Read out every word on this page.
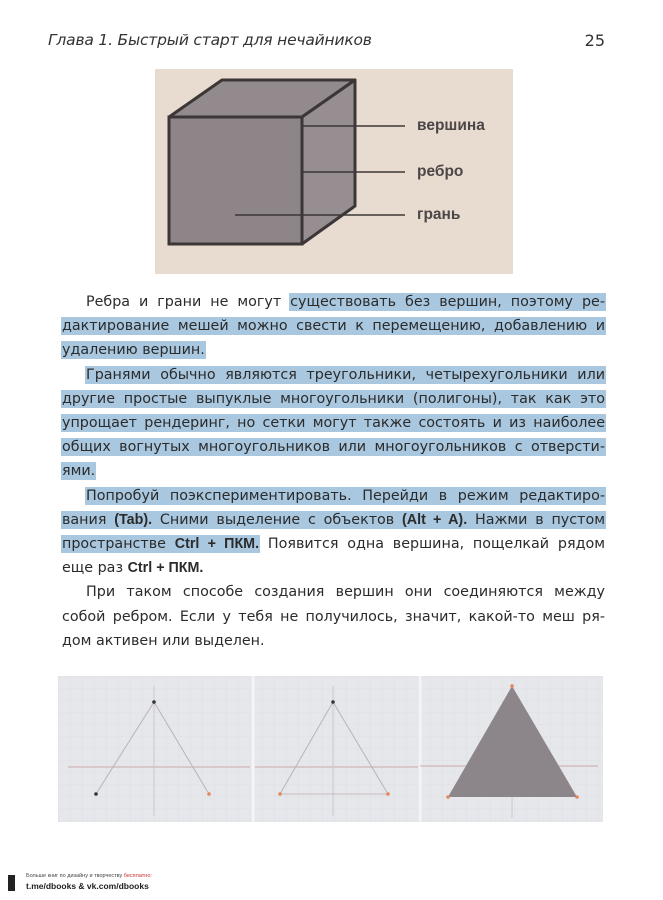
Глава 1. Быстрый старт для нечайников	25
вершина
ребро
грань
Ребра и грани не могут существовать без вершин, поэтому ре-
дактирование мешей можно свести к перемещению, добавлению и
удалению вершин.
Гранями обычно являются треугольники, четырехугольники или
другие простые выпуклые многоугольники (полигоны), так как это
упрощает рендеринг, но сетки могут также состоять и из наиболее
общих вогнутых многоугольников или многоугольников с отверсти-
ями.
Попробуй поэкспериментировать. Перейди в режим редактиро-
вания (Tab). Сними выделение с объектов (Alt + A). Нажми в пустом
пространстве Ctrl + ПКМ. Появится одна вершина, пощелкай рядом
еще раз Ctrl + ПКМ.
При таком способе создания вершин они соединяются между
собой ребром. Если у тебя не получилось, значит, какой-то меш ря-
дом активен или выделен.
Больше книг по дизайну и творчеству бесплатно:
t.me/dbooks & vk.com/dbooks
